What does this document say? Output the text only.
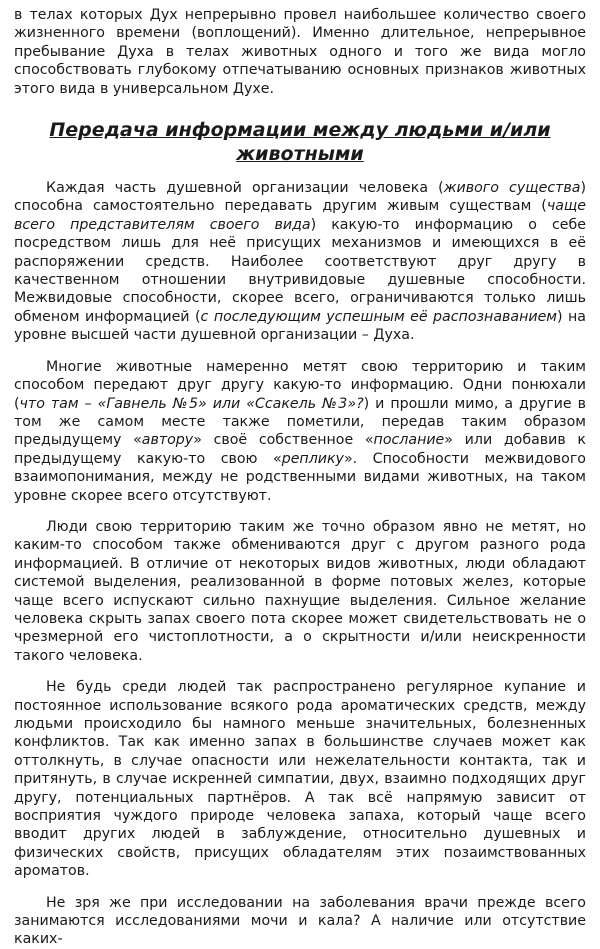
в телах которых Дух непрерывно провел наибольшее количество своего жизненного времени (воплощений). Именно длительное, непрерывное пребывание Духа в телах животных одного и того же вида могло способствовать глубокому отпечатыванию основных признаков животных этого вида в универсальном Духе.

Передача информации между людьми и/или животными

Каждая часть душевной организации человека (живого существа) способна самостоятельно передавать другим живым существам (чаще всего представителям своего вида) какую-то информацию о себе посредством лишь для неё присущих механизмов и имеющихся в её распоряжении средств. Наиболее соответствуют друг другу в качественном отношении внутривидовые душевные способности. Межвидовые способности, скорее всего, ограничиваются только лишь обменом информацией (с последующим успешным её распознаванием) на уровне высшей части душевной организации – Духа.

Многие животные намеренно метят свою территорию и таким способом передают друг другу какую-то информацию. Одни понюхали (что там – «Гавнель №5» или «Ссакель №3»?) и прошли мимо, а другие в том же самом месте также пометили, передав таким образом предыдущему «автору» своё собственное «послание» или добавив к предыдущему какую-то свою «реплику». Способности межвидового взаимопонимания, между не родственными видами животных, на таком уровне скорее всего отсутствуют.

Люди свою территорию таким же точно образом явно не метят, но каким-то способом также обмениваются друг с другом разного рода информацией. В отличие от некоторых видов животных, люди обладают системой выделения, реализованной в форме потовых желез, которые чаще всего испускают сильно пахнущие выделения. Сильное желание человека скрыть запах своего пота скорее может свидетельствовать не о чрезмерной его чистоплотности, а о скрытности и/или неискренности такого человека.

Не будь среди людей так распространено регулярное купание и постоянное использование всякого рода ароматических средств, между людьми происходило бы намного меньше значительных, болезненных конфликтов. Так как именно запах в большинстве случаев может как оттолкнуть, в случае опасности или нежелательности контакта, так и притянуть, в случае искренней симпатии, двух, взаимно подходящих друг другу, потенциальных партнёров. А так всё напрямую зависит от восприятия чуждого природе человека запаха, который чаще всего вводит других людей в заблуждение, относительно душевных и физических свойств, присущих обладателям этих позаимствованных ароматов.

Не зря же при исследовании на заболевания врачи прежде всего занимаются исследованиями мочи и кала? А наличие или отсутствие каких-
